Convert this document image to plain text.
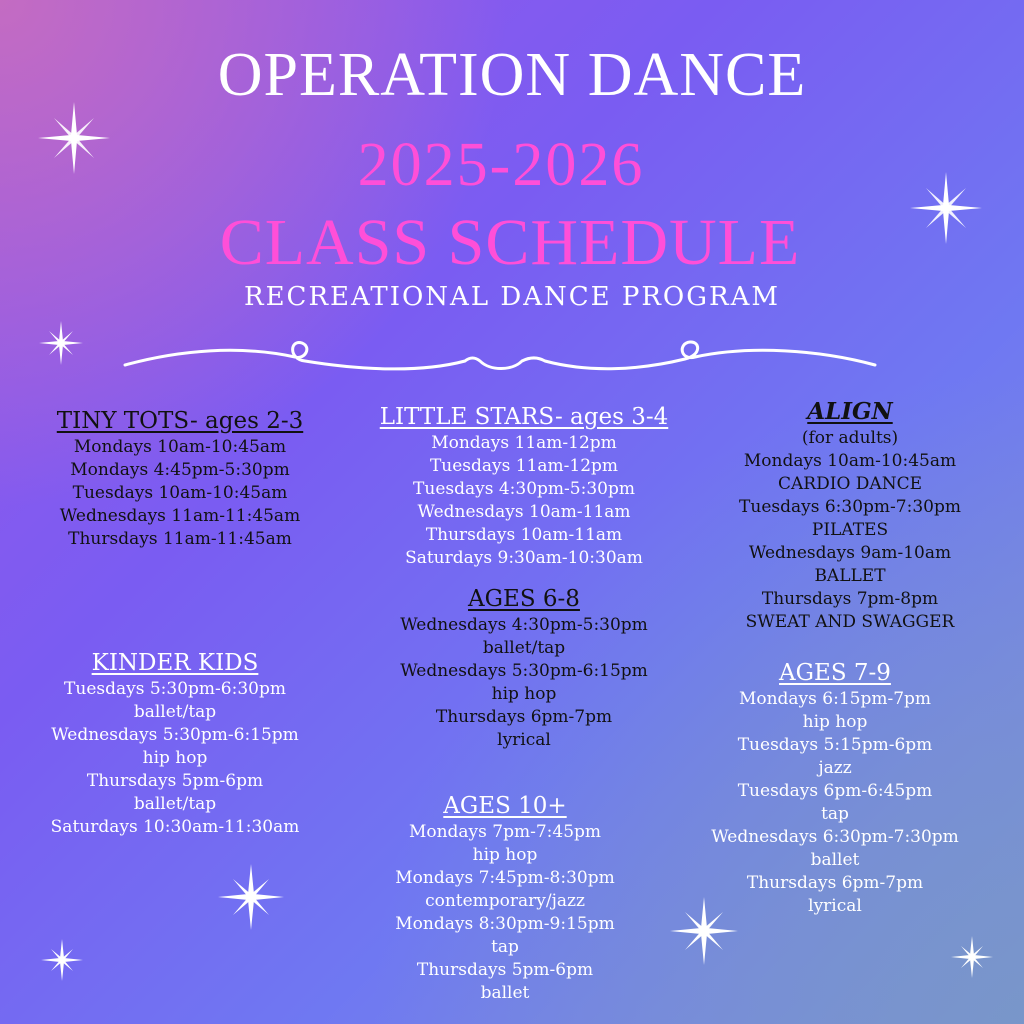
OPERATION DANCE
2025-2026
CLASS SCHEDULE
RECREATIONAL DANCE PROGRAM
TINY TOTS- ages 2-3
Mondays 10am-10:45am
Mondays 4:45pm-5:30pm
Tuesdays 10am-10:45am
Wednesdays 11am-11:45am
Thursdays 11am-11:45am
LITTLE STARS- ages 3-4
Mondays 11am-12pm
Tuesdays 11am-12pm
Tuesdays 4:30pm-5:30pm
Wednesdays 10am-11am
Thursdays 10am-11am
Saturdays 9:30am-10:30am
ALIGN
(for adults)
Mondays 10am-10:45am
CARDIO DANCE
Tuesdays 6:30pm-7:30pm
PILATES
Wednesdays 9am-10am
BALLET
Thursdays 7pm-8pm
SWEAT AND SWAGGER
AGES 6-8
Wednesdays 4:30pm-5:30pm
ballet/tap
Wednesdays 5:30pm-6:15pm
hip hop
Thursdays 6pm-7pm
lyrical
KINDER KIDS
Tuesdays 5:30pm-6:30pm
ballet/tap
Wednesdays 5:30pm-6:15pm
hip hop
Thursdays 5pm-6pm
ballet/tap
Saturdays 10:30am-11:30am
AGES 7-9
Mondays 6:15pm-7pm
hip hop
Tuesdays 5:15pm-6pm
jazz
Tuesdays 6pm-6:45pm
tap
Wednesdays 6:30pm-7:30pm
ballet
Thursdays 6pm-7pm
lyrical
AGES 10+
Mondays 7pm-7:45pm
hip hop
Mondays 7:45pm-8:30pm
contemporary/jazz
Mondays 8:30pm-9:15pm
tap
Thursdays 5pm-6pm
ballet
